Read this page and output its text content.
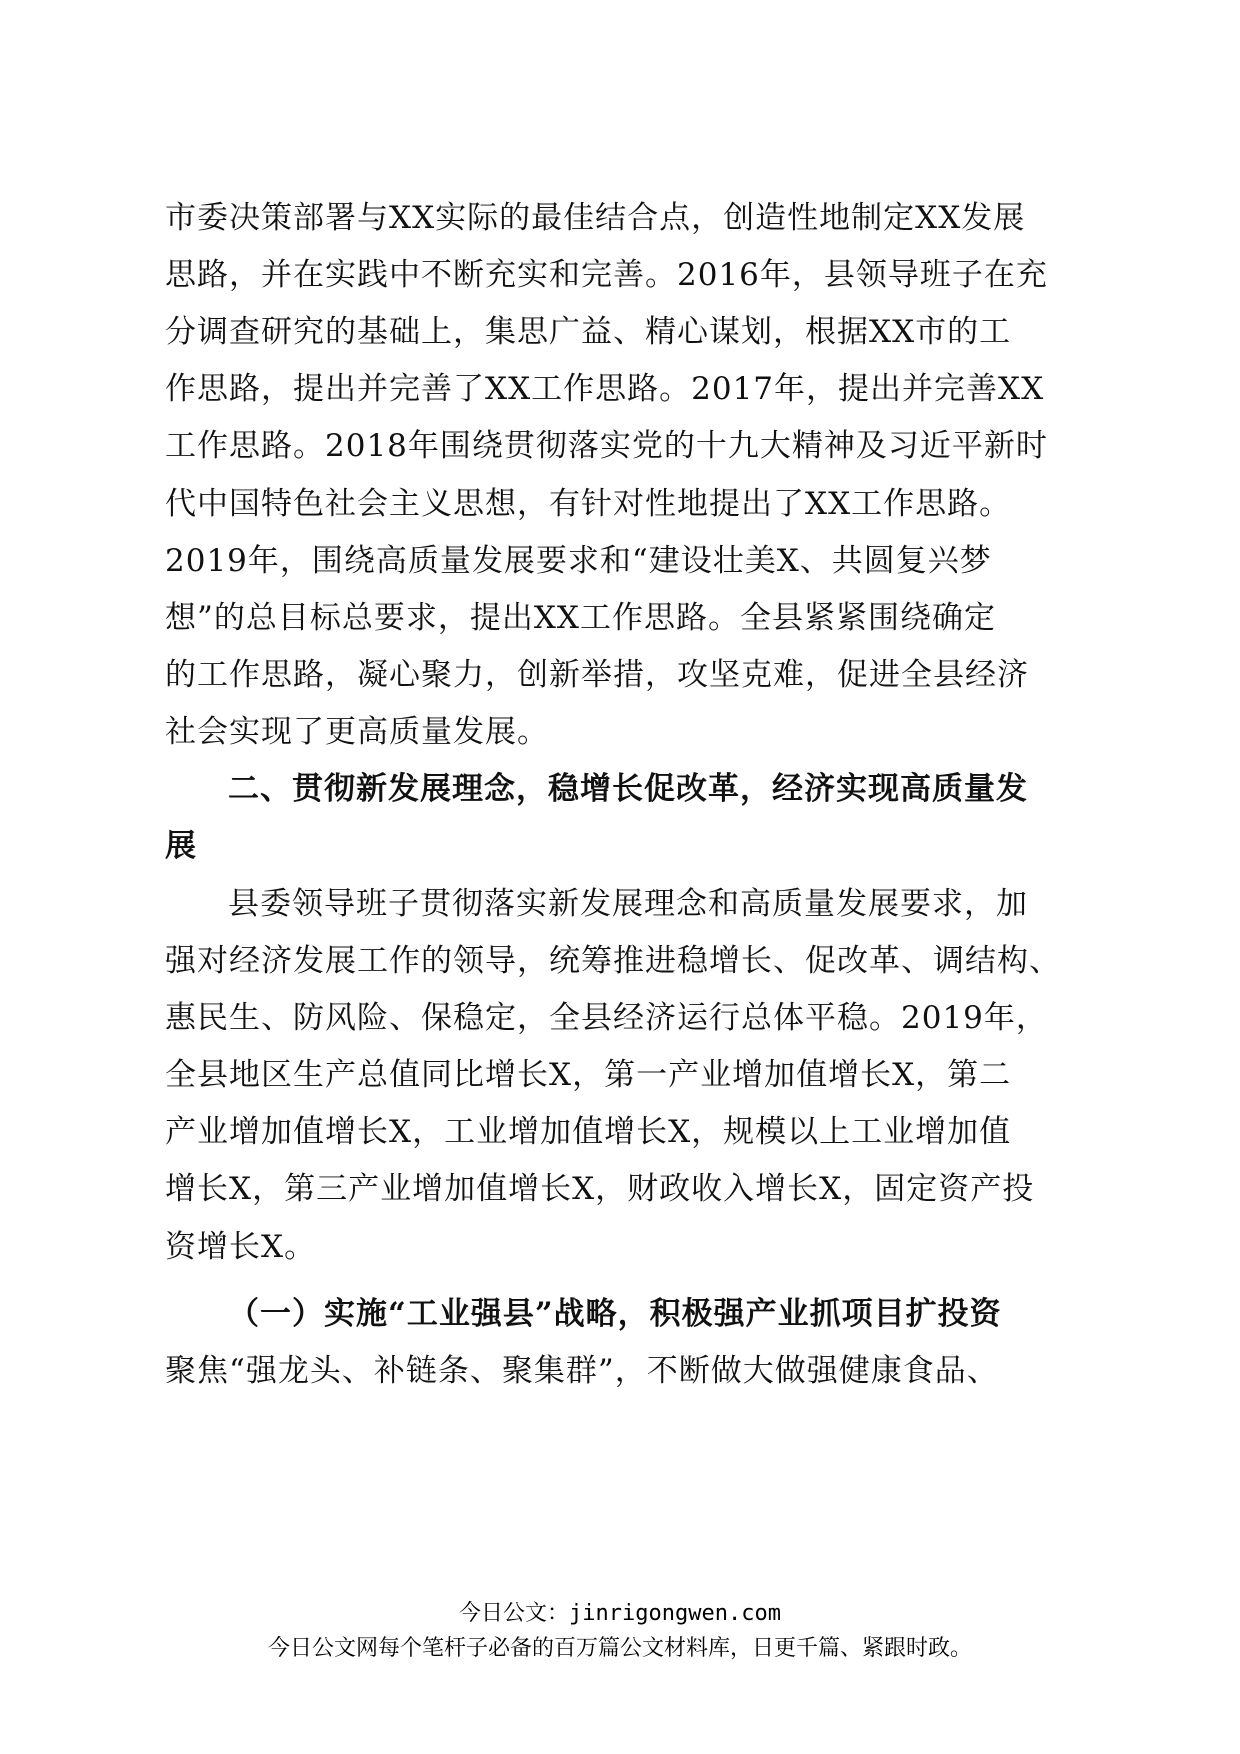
市委决策部署与XX实际的最佳结合点，创造性地制定XX发展
思路，并在实践中不断充实和完善。2016年，县领导班子在充
分调查研究的基础上，集思广益、精心谋划，根据XX市的工
作思路，提出并完善了XX工作思路。2017年，提出并完善XX
工作思路。2018年围绕贯彻落实党的十九大精神及习近平新时
代中国特色社会主义思想，有针对性地提出了XX工作思路。
2019年，围绕高质量发展要求和“建设壮美X、共圆复兴梦
想”的总目标总要求，提出XX工作思路。全县紧紧围绕确定
的工作思路，凝心聚力，创新举措，攻坚克难，促进全县经济
社会实现了更高质量发展。
二、贯彻新发展理念，稳增长促改革，经济实现高质量发
展
县委领导班子贯彻落实新发展理念和高质量发展要求，加
强对经济发展工作的领导，统筹推进稳增长、促改革、调结构、
惠民生、防风险、保稳定，全县经济运行总体平稳。2019年，
全县地区生产总值同比增长X，第一产业增加值增长X，第二
产业增加值增长X，工业增加值增长X，规模以上工业增加值
增长X，第三产业增加值增长X，财政收入增长X，固定资产投
资增长X。
（一）实施“工业强县”战略，积极强产业抓项目扩投资
聚焦“强龙头、补链条、聚集群”，不断做大做强健康食品、
今日公文：jinrigongwen.com
今日公文网每个笔杆子必备的百万篇公文材料库，日更千篇、紧跟时政。
